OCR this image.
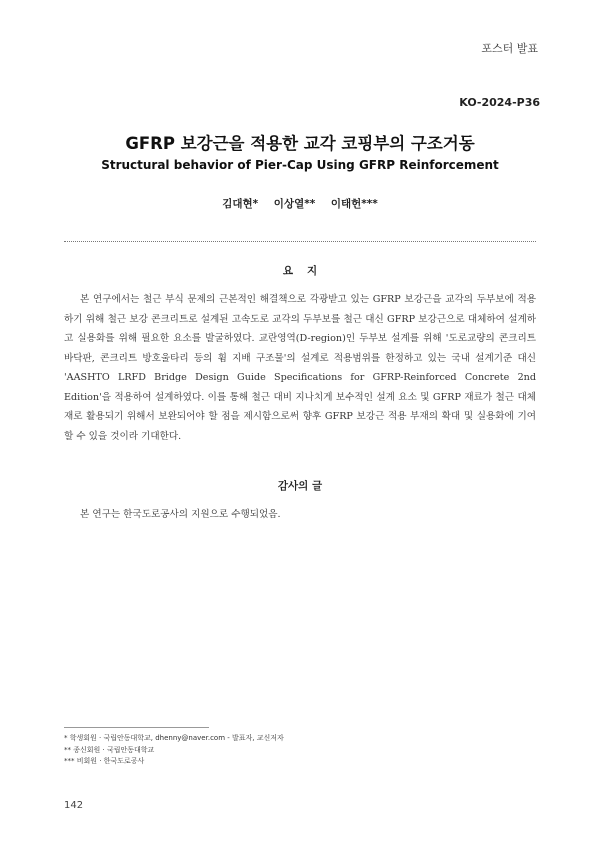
포스터 발표
KO-2024-P36
GFRP 보강근을 적용한 교각 코핑부의 구조거동
Structural behavior of Pier-Cap Using GFRP Reinforcement
김대현* 이상열** 이태헌***
요지
본 연구에서는 철근 부식 문제의 근본적인 해결책으로 각광받고 있는 GFRP 보강근을 교각의 두부보에 적용하기 위해 철근 보강 콘크리트로 설계된 고속도로 교각의 두부보를 철근 대신 GFRP 보강근으로 대체하여 설계하고 실용화를 위해 필요한 요소를 발굴하였다. 교란영역(D-region)인 두부보 설계를 위해 '도로교량의 콘크리트 바닥판, 콘크리트 방호울타리 등의 휨 지배 구조물'의 설계로 적용범위를 한정하고 있는 국내 설계기준 대신 'AASHTO LRFD Bridge Design Guide Specifications for GFRP-Reinforced Concrete 2nd Edition'을 적용하여 설계하였다. 이를 통해 철근 대비 지나치게 보수적인 설계 요소 및 GFRP 재료가 철근 대체재로 활용되기 위해서 보완되어야 할 점을 제시함으로써 향후 GFRP 보강근 적용 부재의 확대 및 실용화에 기여할 수 있을 것이라 기대한다.
감사의 글
본 연구는 한국도로공사의 지원으로 수행되었음.
* 학생회원 · 국립안동대학교, dhenny@naver.com - 발표자, 교신저자
** 종신회원 · 국립안동대학교
*** 비회원 · 한국도로공사
142
